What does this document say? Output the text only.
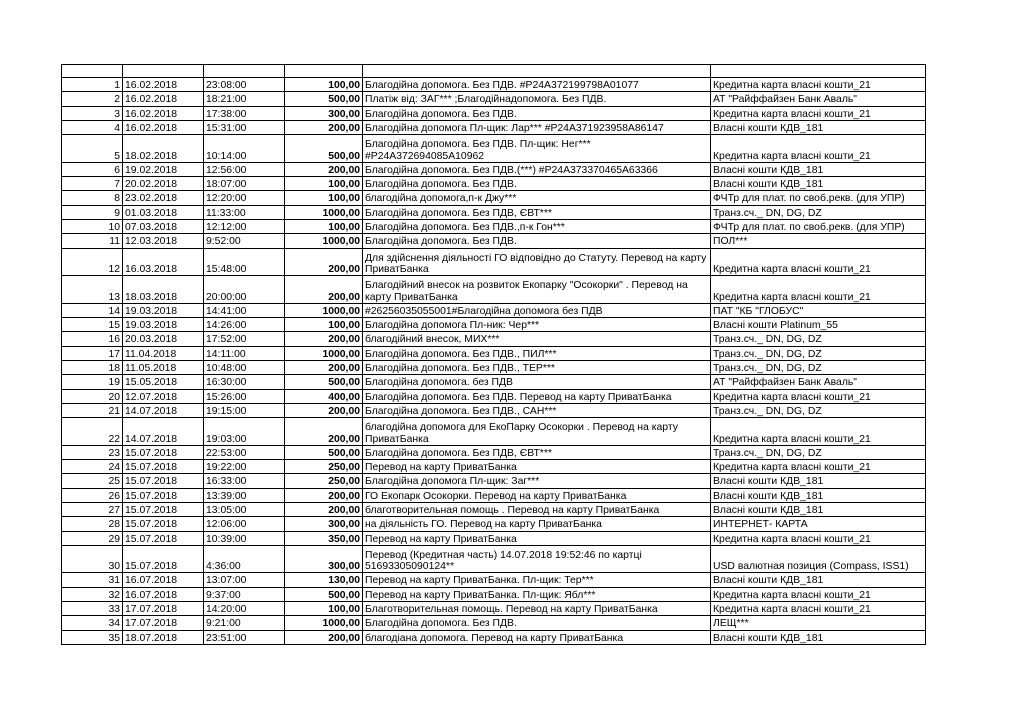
1	16.02.2018	23:08:00	100,00	Благодійна допомога. Без ПДВ. #P24A372199798A01077	Кредитна карта власні кошти_21
2	16.02.2018	18:21:00	500,00	Платіж від: ЗАГ*** ;Благодійнадопомога. Без ПДВ.	АТ "Райффайзен Банк Аваль"
3	16.02.2018	17:38:00	300,00	Благодійна допомога. Без ПДВ.	Кредитна карта власні кошти_21
4	16.02.2018	15:31:00	200,00	Благодійна допомога Пл-щик: Лар*** #P24A371923958A86147	Власні кошти КДВ_181
5	18.02.2018	10:14:00	500,00	Благодійна допомога. Без ПДВ. Пл-щик: Нег*** #P24A372694085A10962	Кредитна карта власні кошти_21
6	19.02.2018	12:56:00	200,00	Благодійна допомога. Без ПДВ.(***) #P24A373370465A63366	Власні кошти КДВ_181
7	20.02.2018	18:07:00	100,00	Благодійна допомога. Без ПДВ.	Власні кошти КДВ_181
8	23.02.2018	12:20:00	100,00	благодійна допомога,п-к Джу***	ФЧТр для плат. по своб.рекв. (для УПР)
9	01.03.2018	11:33:00	1000,00	Благодійна допомога. Без ПДВ, ЄВТ***	Транз.сч._ DN, DG, DZ
10	07.03.2018	12:12:00	100,00	Благодійна допомога. Без ПДВ.,п-к Гон***	ФЧТр для плат. по своб.рекв. (для УПР)
11	12.03.2018	9:52:00	1000,00	Благодійна допомога. Без ПДВ.	ПОЛ***
12	16.03.2018	15:48:00	200,00	Для здійснення діяльності ГО відповідно до Статуту. Перевод на карту ПриватБанка	Кредитна карта власні кошти_21
13	18.03.2018	20:00:00	200,00	Благодійний внесок на розвиток Екопарку "Осокорки" . Перевод на карту ПриватБанка	Кредитна карта власні кошти_21
14	19.03.2018	14:41:00	1000,00	#26256035055001#Благодійна допомога без ПДВ	ПАТ "КБ "ГЛОБУС"
15	19.03.2018	14:26:00	100,00	Благодійна допомога Пл-ник: Чер***	Власні кошти Platinum_55
16	20.03.2018	17:52:00	200,00	благодійний внесок, МИХ***	Транз.сч._ DN, DG, DZ
17	11.04.2018	14:11:00	1000,00	Благодійна допомога. Без ПДВ., ПИЛ***	Транз.сч._ DN, DG, DZ
18	11.05.2018	10:48:00	200,00	Благодійна допомога. Без ПДВ., ТЕР***	Транз.сч._ DN, DG, DZ
19	15.05.2018	16:30:00	500,00	Благодійна допомога. без ПДВ	АТ "Райффайзен Банк Аваль"
20	12.07.2018	15:26:00	400,00	Благодійна допомога. Без ПДВ. Перевод на карту ПриватБанка	Кредитна карта власні кошти_21
21	14.07.2018	19:15:00	200,00	Благодійна допомога. Без ПДВ., САН***	Транз.сч._ DN, DG, DZ
22	14.07.2018	19:03:00	200,00	благодійна допомога для ЕкоПарку Осокорки . Перевод на карту ПриватБанка	Кредитна карта власні кошти_21
23	15.07.2018	22:53:00	500,00	Благодійна допомога. Без ПДВ, ЄВТ***	Транз.сч._ DN, DG, DZ
24	15.07.2018	19:22:00	250,00	Перевод на карту ПриватБанка	Кредитна карта власні кошти_21
25	15.07.2018	16:33:00	250,00	Благодійна допомога Пл-щик: Заг***	Власні кошти КДВ_181
26	15.07.2018	13:39:00	200,00	ГО Екопарк Осокорки. Перевод на карту ПриватБанка	Власні кошти КДВ_181
27	15.07.2018	13:05:00	200,00	благотворительная помощь . Перевод на карту ПриватБанка	Власні кошти КДВ_181
28	15.07.2018	12:06:00	300,00	на діяльність ГО. Перевод на карту ПриватБанка	ИНТЕРНЕТ- КАРТА
29	15.07.2018	10:39:00	350,00	Перевод на карту ПриватБанка	Кредитна карта власні кошти_21
30	15.07.2018	4:36:00	300,00	Перевод (Кредитная часть) 14.07.2018 19:52:46 по картці 51693305090124**	USD валютная позиция (Compass, ISS1)
31	16.07.2018	13:07:00	130,00	Перевод на карту ПриватБанка. Пл-щик: Тер***	Власні кошти КДВ_181
32	16.07.2018	9:37:00	500,00	Перевод на карту ПриватБанка. Пл-щик: Ябл***	Кредитна карта власні кошти_21
33	17.07.2018	14:20:00	100,00	Благотворительная помощь. Перевод на карту ПриватБанка	Кредитна карта власні кошти_21
34	17.07.2018	9:21:00	1000,00	Благодійна допомога. Без ПДВ.	ЛЕЩ***
35	18.07.2018	23:51:00	200,00	благодіана допомога. Перевод на карту ПриватБанка	Власні кошти КДВ_181
